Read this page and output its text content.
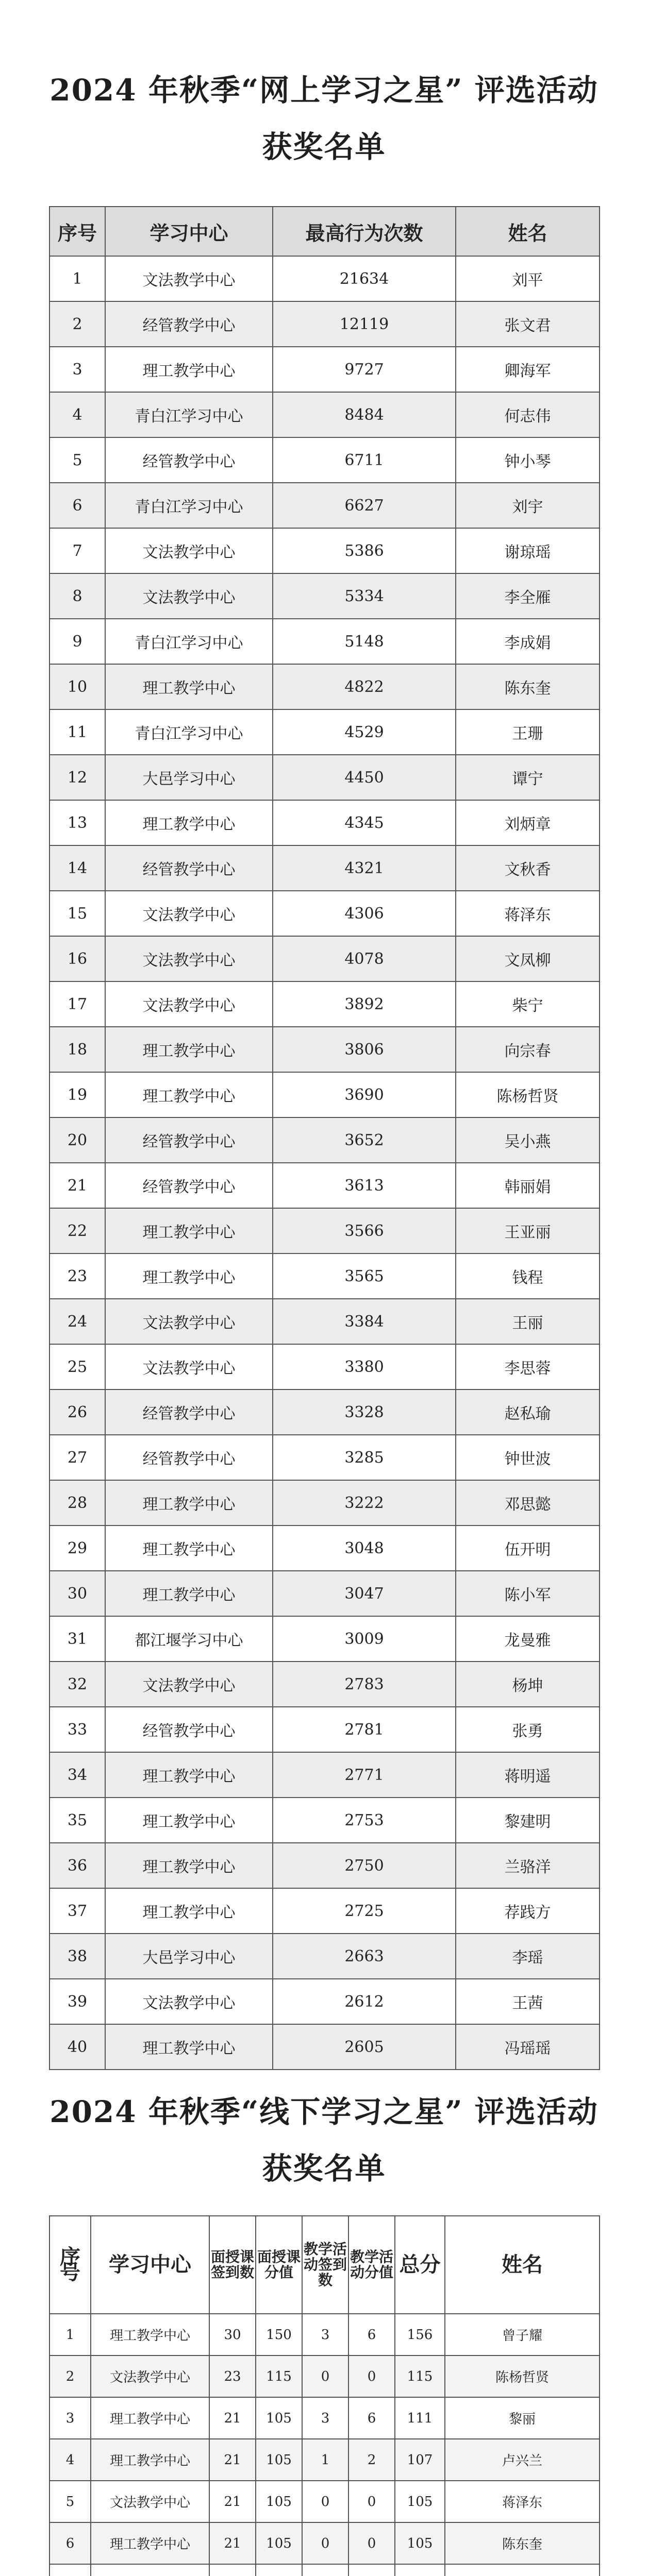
2024 年秋季“网上学习之星” 评选活动
获奖名单
序号	学习中心	最高行为次数	姓名
1	文法教学中心	21634	刘平
2	经管教学中心	12119	张文君
3	理工教学中心	9727	卿海军
4	青白江学习中心	8484	何志伟
5	经管教学中心	6711	钟小琴
6	青白江学习中心	6627	刘宇
7	文法教学中心	5386	谢琼瑶
8	文法教学中心	5334	李全雁
9	青白江学习中心	5148	李成娟
10	理工教学中心	4822	陈东奎
11	青白江学习中心	4529	王珊
12	大邑学习中心	4450	谭宁
13	理工教学中心	4345	刘炳章
14	经管教学中心	4321	文秋香
15	文法教学中心	4306	蒋泽东
16	文法教学中心	4078	文凤柳
17	文法教学中心	3892	柴宁
18	理工教学中心	3806	向宗春
19	理工教学中心	3690	陈杨哲贤
20	经管教学中心	3652	吴小燕
21	经管教学中心	3613	韩丽娟
22	理工教学中心	3566	王亚丽
23	理工教学中心	3565	钱程
24	文法教学中心	3384	王丽
25	文法教学中心	3380	李思蓉
26	经管教学中心	3328	赵私瑜
27	经管教学中心	3285	钟世波
28	理工教学中心	3222	邓思懿
29	理工教学中心	3048	伍开明
30	理工教学中心	3047	陈小军
31	都江堰学习中心	3009	龙曼雅
32	文法教学中心	2783	杨坤
33	经管教学中心	2781	张勇
34	理工教学中心	2771	蒋明遥
35	理工教学中心	2753	黎建明
36	理工教学中心	2750	兰骆洋
37	理工教学中心	2725	荐践方
38	大邑学习中心	2663	李瑶
39	文法教学中心	2612	王茜
40	理工教学中心	2605	冯瑶瑶
2024 年秋季“线下学习之星” 评选活动
获奖名单
序号	学习中心	面授课签到数	面授课分值	教学活动签到数	教学活动分值	总分	姓名
1	理工教学中心	30	150	3	6	156	曾子耀
2	文法教学中心	23	115	0	0	115	陈杨哲贤
3	理工教学中心	21	105	3	6	111	黎丽
4	理工教学中心	21	105	1	2	107	卢兴兰
5	文法教学中心	21	105	0	0	105	蒋泽东
6	理工教学中心	21	105	0	0	105	陈东奎
